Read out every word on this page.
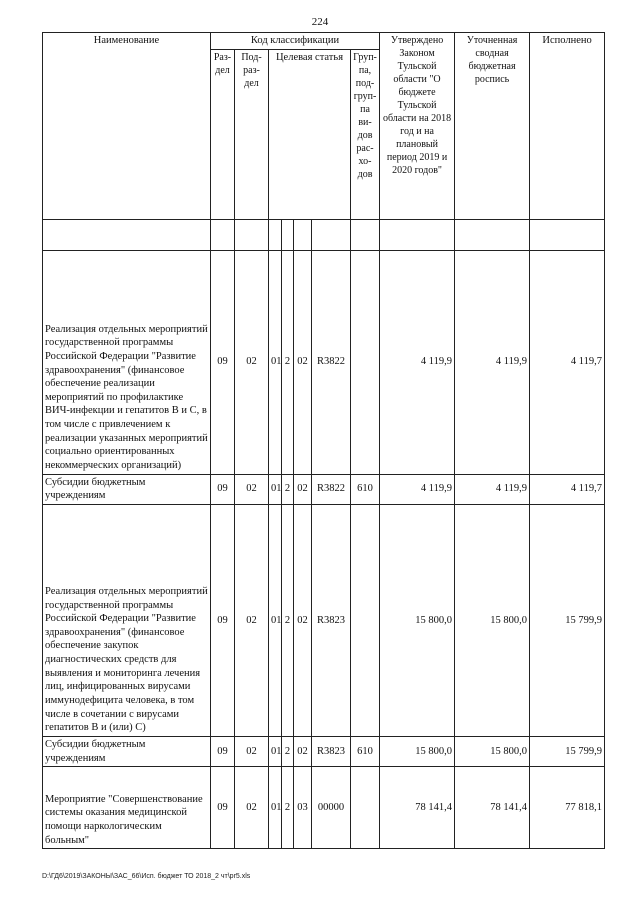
224
Наименование	Код классификации							Утверждено Законом Тульской области "О бюджете Тульской области на 2018 год и на плановый период 2019 и 2020 годов"	Уточненная сводная бюджетная роспись	Исполнено
	Раз-дел	Под-раз-дел	Целевая статья				Груп-па, под-груп-па ви-дов рас-хо-дов			

Реализация отдельных мероприятий государственной программы Российской Федерации "Развитие здравоохранения" (финансовое обеспечение реализации мероприятий по профилактике ВИЧ-инфекции и гепатитов В и С, в том числе с привлечением к реализации указанных мероприятий социально ориентированных некоммерческих организаций)	09	02	01	2	02	R3822		4 119,9	4 119,9	4 119,7
Субсидии бюджетным учреждениям	09	02	01	2	02	R3822	610	4 119,9	4 119,9	4 119,7
Реализация отдельных мероприятий государственной программы Российской Федерации "Развитие здравоохранения" (финансовое обеспечение закупок диагностических средств для выявления и мониторинга лечения лиц, инфицированных вирусами иммунодефицита человека, в том числе в сочетании с вирусами гепатитов В и (или) С)	09	02	01	2	02	R3823		15 800,0	15 800,0	15 799,9
Субсидии бюджетным учреждениям	09	02	01	2	02	R3823	610	15 800,0	15 800,0	15 799,9
Мероприятие "Совершенствование системы оказания медицинской помощи наркологическим больным"	09	02	01	2	03	00000		78 141,4	78 141,4	77 818,1
D:\ГД6\2019\ЗАКОНЫ\ЗАС_66\Исп. бюджет ТО 2018_2 чт\pr5.xls
